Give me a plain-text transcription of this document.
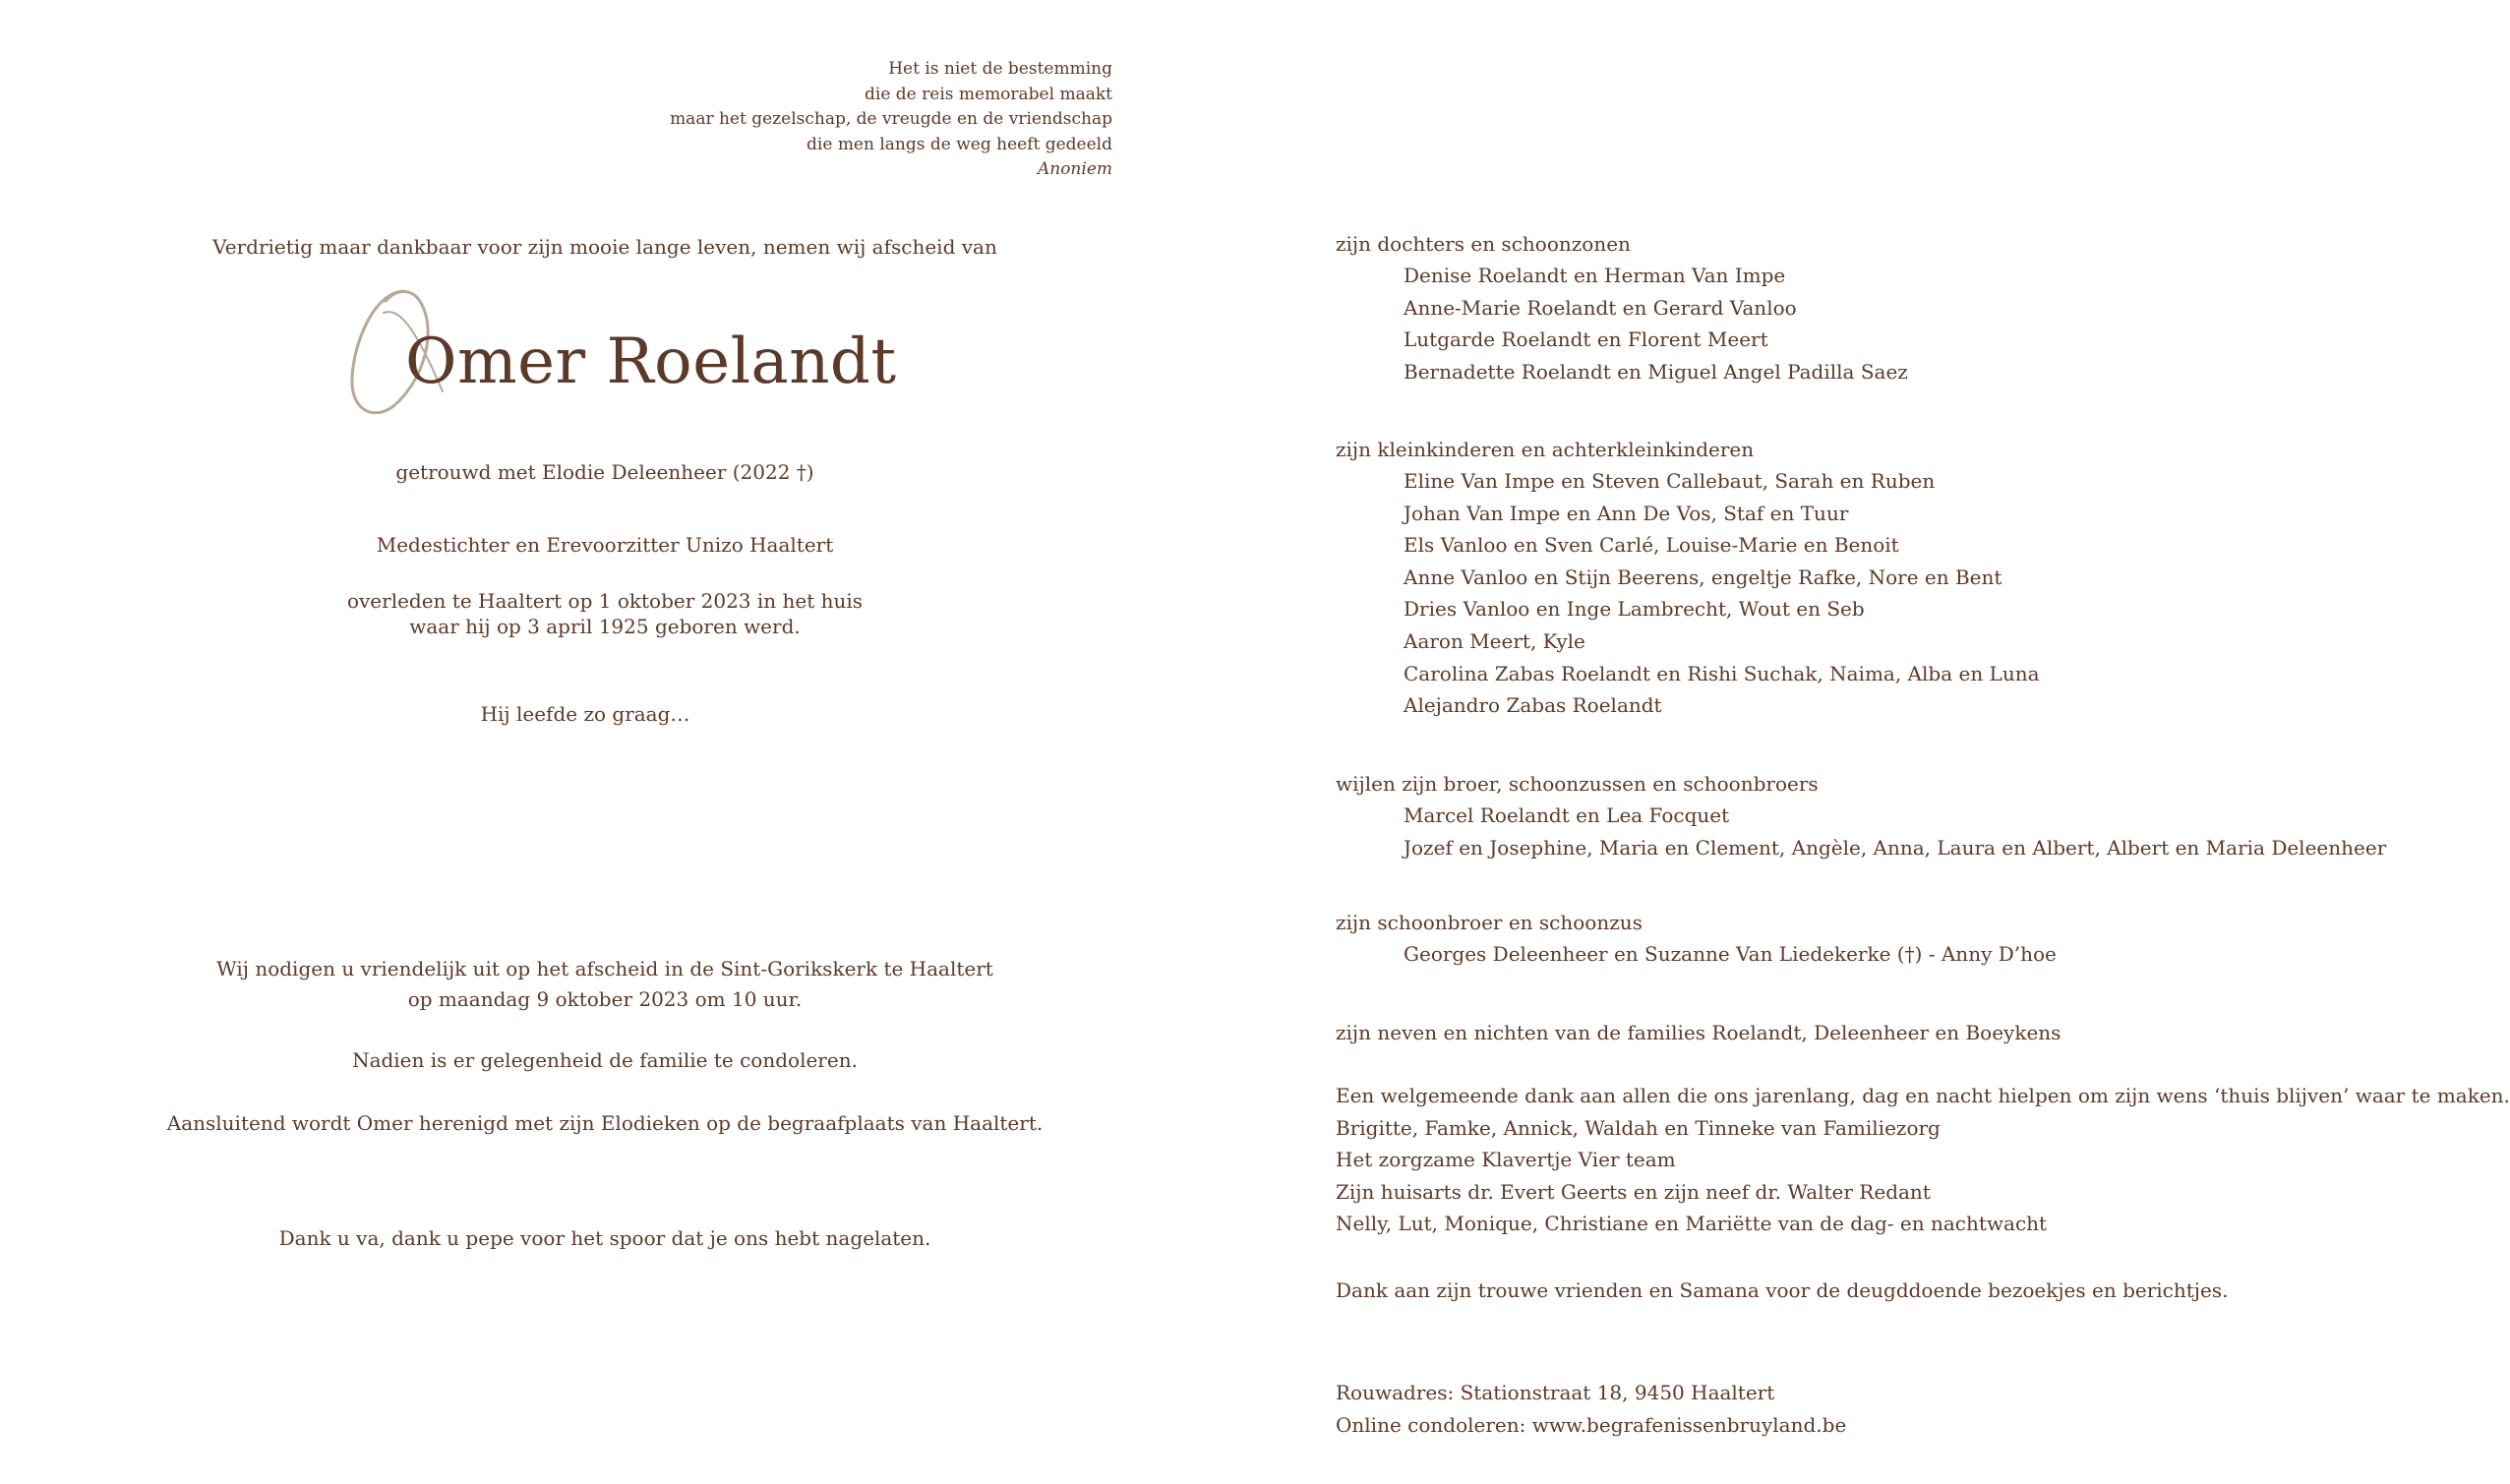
Het is niet de bestemming
die de reis memorabel maakt
maar het gezelschap, de vreugde en de vriendschap
die men langs de weg heeft gedeeld
Anoniem
Verdrietig maar dankbaar voor zijn mooie lange leven, nemen wij afscheid van
Omer Roelandt
getrouwd met Elodie Deleenheer (2022 †)
Medestichter en Erevoorzitter Unizo Haaltert
overleden te Haaltert op 1 oktober 2023 in het huis
waar hij op 3 april 1925 geboren werd.
Hij leefde zo graag…
Wij nodigen u vriendelijk uit op het afscheid in de Sint-Gorikskerk te Haaltert
op maandag 9 oktober 2023 om 10 uur.
Nadien is er gelegenheid de familie te condoleren.
Aansluitend wordt Omer herenigd met zijn Elodieken op de begraafplaats van Haaltert.
Dank u va, dank u pepe voor het spoor dat je ons hebt nagelaten.
zijn dochters en schoonzonen
Denise Roelandt en Herman Van Impe
Anne-Marie Roelandt en Gerard Vanloo
Lutgarde Roelandt en Florent Meert
Bernadette Roelandt en Miguel Angel Padilla Saez
zijn kleinkinderen en achterkleinkinderen
Eline Van Impe en Steven Callebaut, Sarah en Ruben
Johan Van Impe en Ann De Vos, Staf en Tuur
Els Vanloo en Sven Carlé, Louise-Marie en Benoit
Anne Vanloo en Stijn Beerens, engeltje Rafke, Nore en Bent
Dries Vanloo en Inge Lambrecht, Wout en Seb
Aaron Meert, Kyle
Carolina Zabas Roelandt en Rishi Suchak, Naima, Alba en Luna
Alejandro Zabas Roelandt
wijlen zijn broer, schoonzussen en schoonbroers
Marcel Roelandt en Lea Focquet
Jozef en Josephine, Maria en Clement, Angèle, Anna, Laura en Albert, Albert en Maria Deleenheer
zijn schoonbroer en schoonzus
Georges Deleenheer en Suzanne Van Liedekerke (†) - Anny D’hoe
zijn neven en nichten van de families Roelandt, Deleenheer en Boeykens
Een welgemeende dank aan allen die ons jarenlang, dag en nacht hielpen om zijn wens ‘thuis blijven’ waar te maken.
Brigitte, Famke, Annick, Waldah en Tinneke van Familiezorg
Het zorgzame Klavertje Vier team
Zijn huisarts dr. Evert Geerts en zijn neef dr. Walter Redant
Nelly, Lut, Monique, Christiane en Mariëtte van de dag- en nachtwacht
Dank aan zijn trouwe vrienden en Samana voor de deugddoende bezoekjes en berichtjes.
Rouwadres: Stationstraat 18, 9450 Haaltert
Online condoleren: www.begrafenissenbruyland.be
